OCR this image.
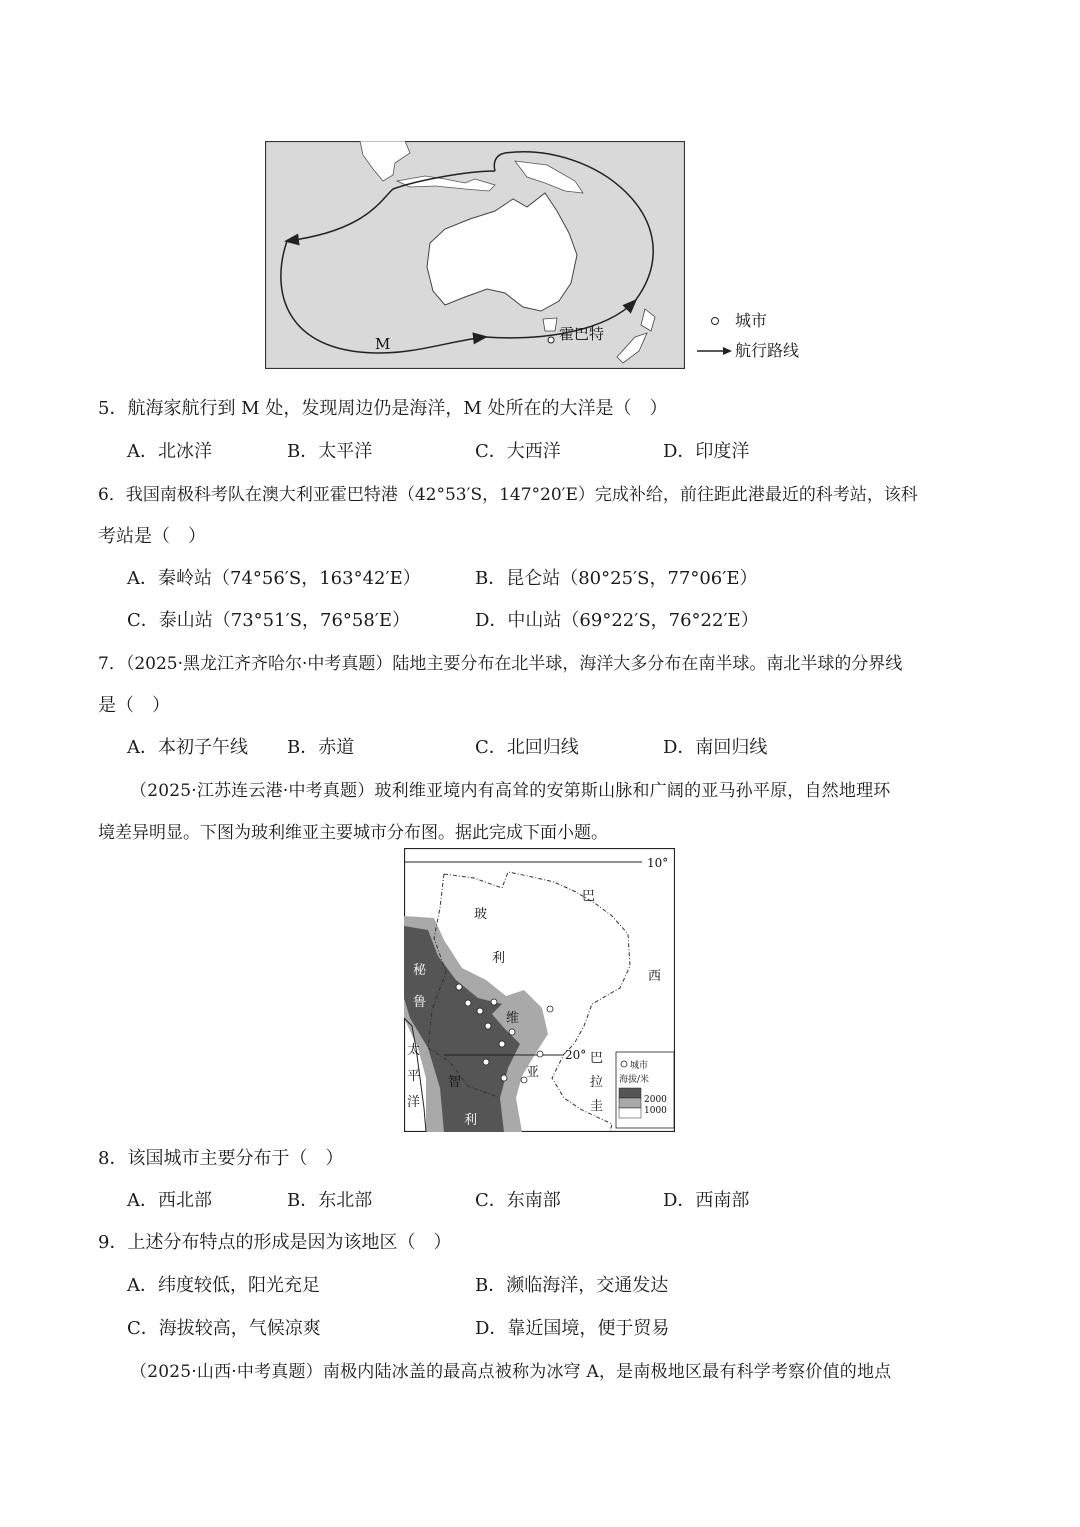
霍巴特
M
城市
航行路线
5．航海家航行到 M 处，发现周边仍是海洋，M 处所在的大洋是（　）
A．北冰洋	B．太平洋	C．大西洋	D．印度洋
6．我国南极科考队在澳大利亚霍巴特港（42°53′S，147°20′E）完成补给，前往距此港最近的科考站，该科
考站是（　）
A．秦岭站（74°56′S，163°42′E）	B．昆仑站（80°25′S，77°06′E）
C．泰山站（73°51′S，76°58′E）	D．中山站（69°22′S，76°22′E）
7．（2025·黑龙江齐齐哈尔·中考真题）陆地主要分布在北半球，海洋大多分布在南半球。南北半球的分界线
是（　）
A．本初子午线 B．赤道	C．北回归线	D．南回归线
（2025·江苏连云港·中考真题）玻利维亚境内有高耸的安第斯山脉和广阔的亚马孙平原，自然地理环
境差异明显。下图为玻利维亚主要城市分布图。据此完成下面小题。
10°
20°
玻
利
维
亚
巴
西
秘
鲁
太
平
洋
智
利
巴
拉
圭
城市
海拔/米
2000
1000
8．该国城市主要分布于（　）
A．西北部	B．东北部	C．东南部	D．西南部
9．上述分布特点的形成是因为该地区（　）
A．纬度较低，阳光充足	B．濒临海洋，交通发达
C．海拔较高，气候凉爽	D．靠近国境，便于贸易
（2025·山西·中考真题）南极内陆冰盖的最高点被称为冰穹 A，是南极地区最有科学考察价值的地点
